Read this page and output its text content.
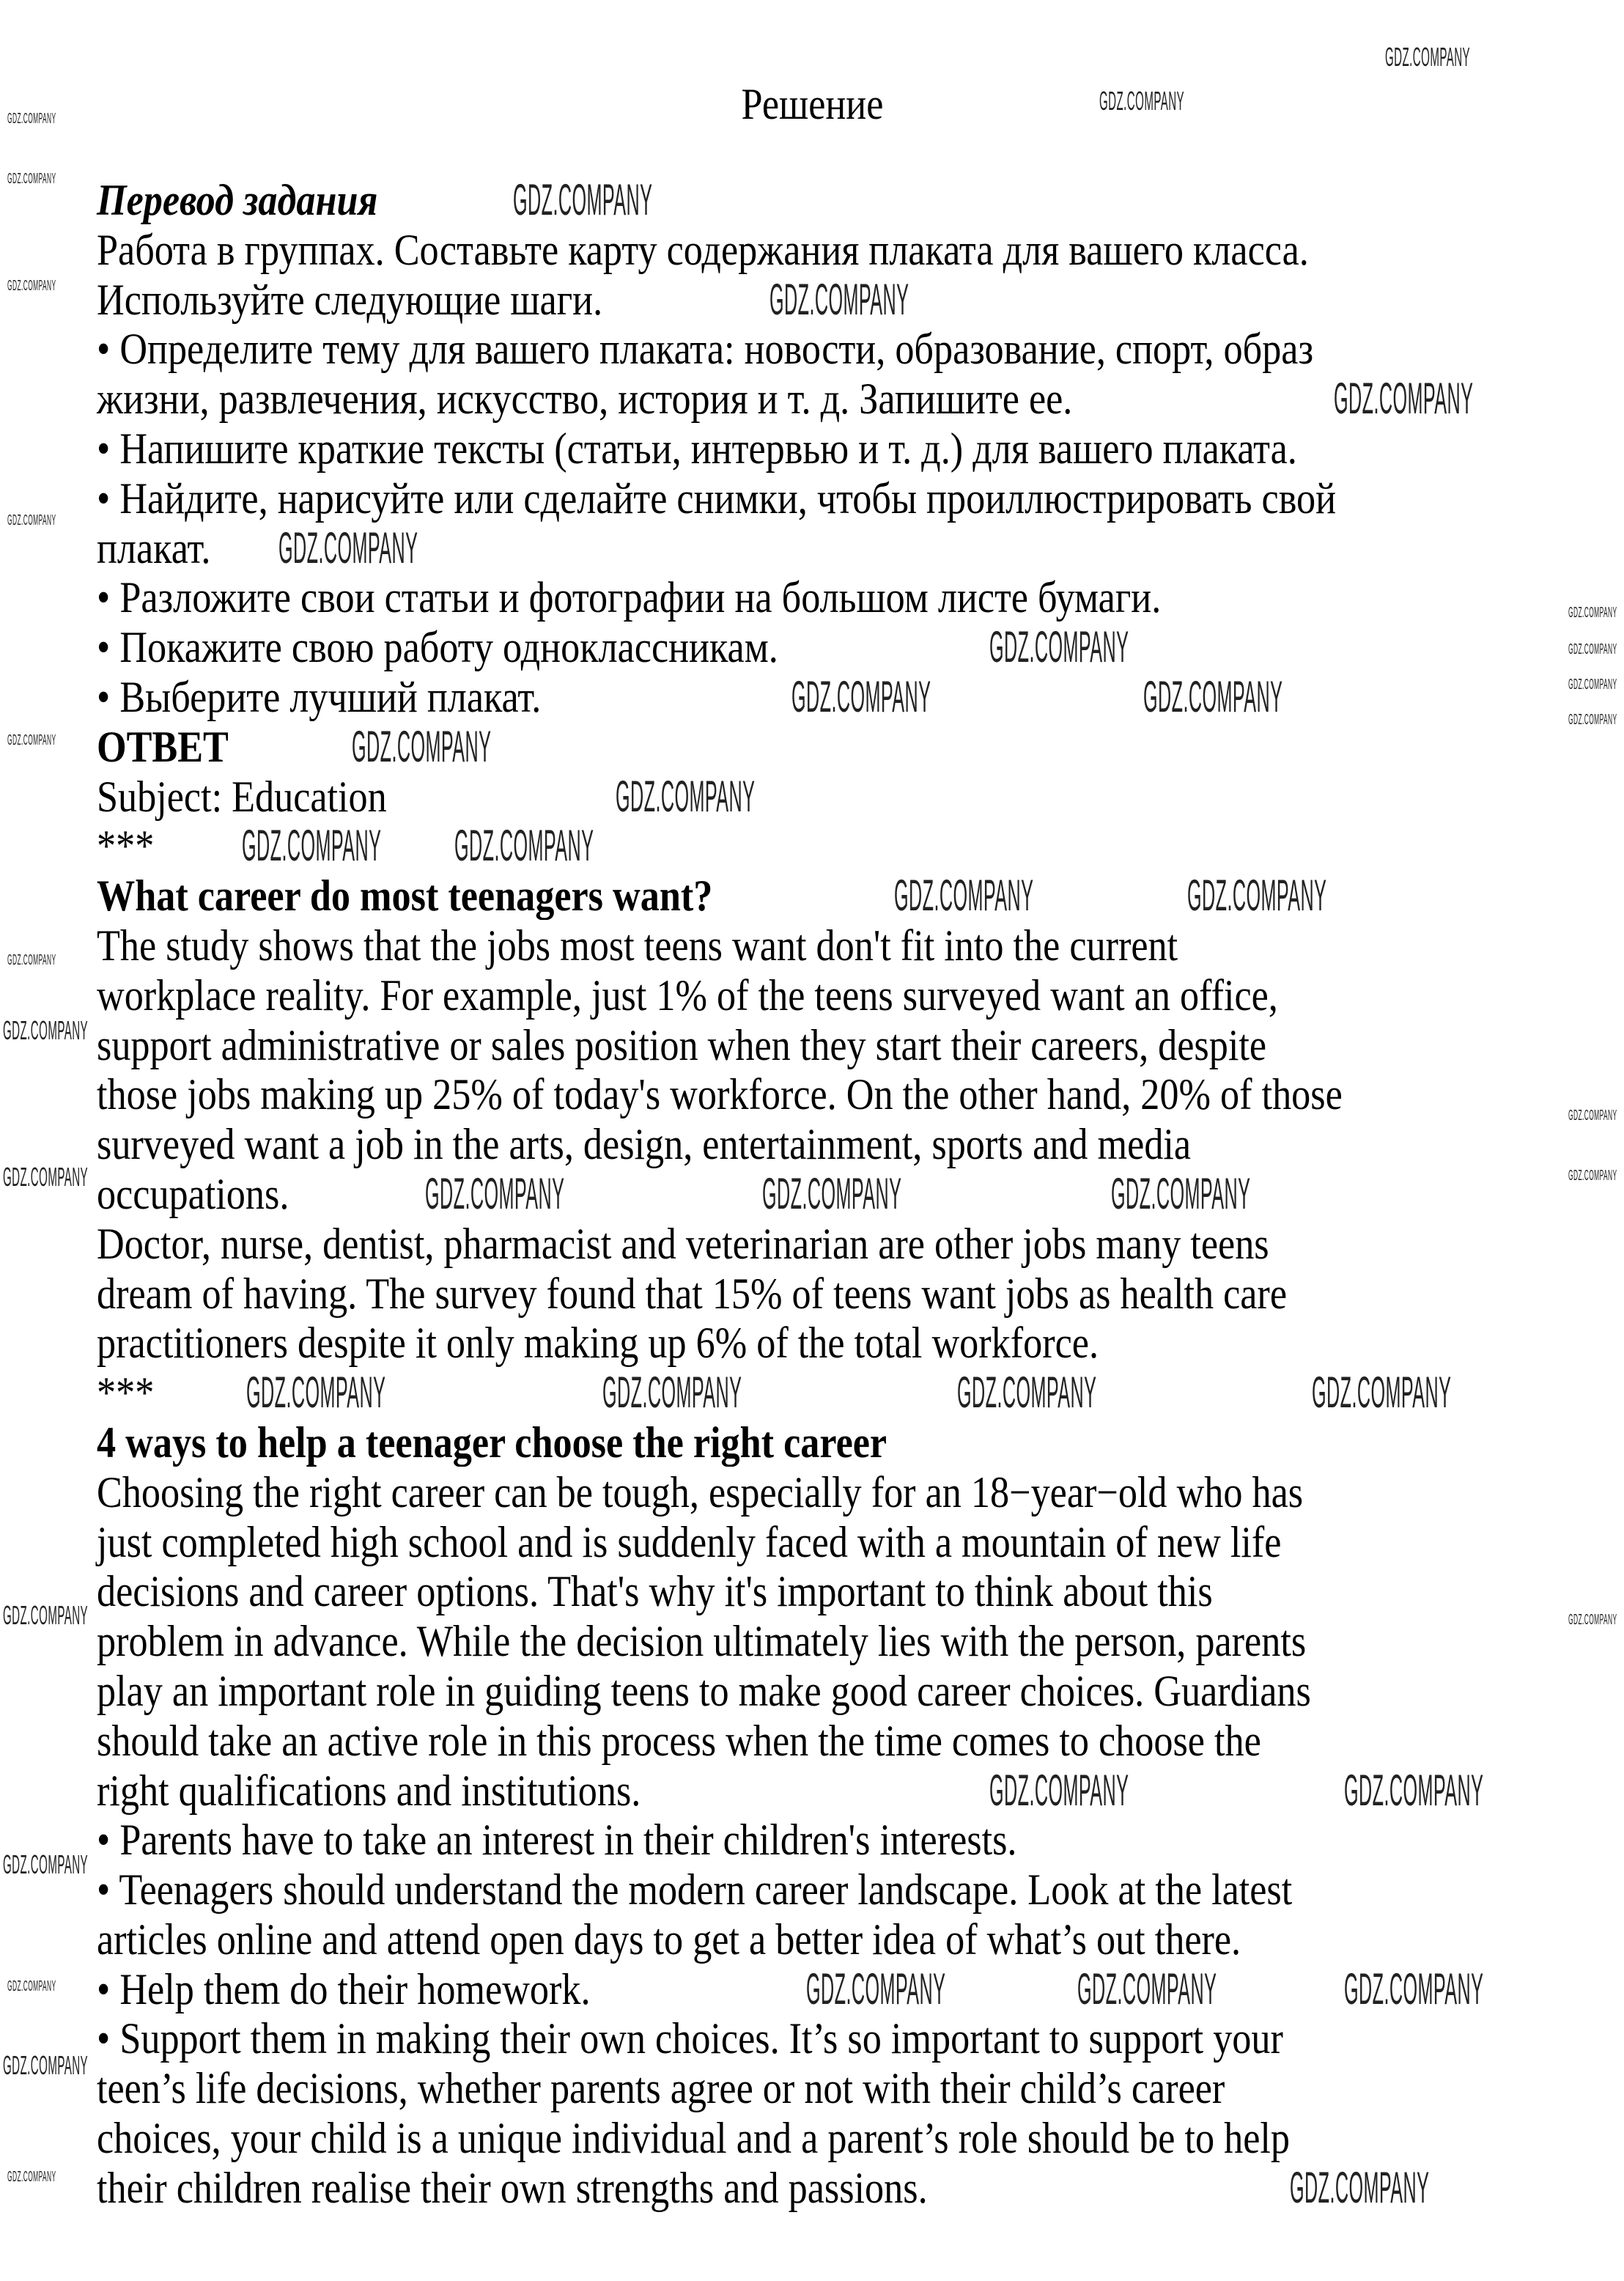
Решение
Перевод задания
Работа в группах. Составьте карту содержания плаката для вашего класса.
Используйте следующие шаги.
• Определите тему для вашего плаката: новости, образование, спорт, образ
жизни, развлечения, искусство, история и т. д. Запишите ее.
• Напишите краткие тексты (статьи, интервью и т. д.) для вашего плаката.
• Найдите, нарисуйте или сделайте снимки, чтобы проиллюстрировать свой
плакат.
• Разложите свои статьи и фотографии на большом листе бумаги.
• Покажите свою работу одноклассникам.
• Выберите лучший плакат.
ОТВЕТ
Subject: Education
***
What career do most teenagers want?
The study shows that the jobs most teens want don't fit into the current
workplace reality. For example, just 1% of the teens surveyed want an office,
support administrative or sales position when they start their careers, despite
those jobs making up 25% of today's workforce. On the other hand, 20% of those
surveyed want a job in the arts, design, entertainment, sports and media
occupations.
Doctor, nurse, dentist, pharmacist and veterinarian are other jobs many teens
dream of having. The survey found that 15% of teens want jobs as health care
practitioners despite it only making up 6% of the total workforce.
***
4 ways to help a teenager choose the right career
Choosing the right career can be tough, especially for an 18−year−old who has
just completed high school and is suddenly faced with a mountain of new life
decisions and career options. That's why it's important to think about this
problem in advance. While the decision ultimately lies with the person, parents
play an important role in guiding teens to make good career choices. Guardians
should take an active role in this process when the time comes to choose the
right qualifications and institutions.
• Parents have to take an interest in their children's interests.
• Teenagers should understand the modern career landscape. Look at the latest
articles online and attend open days to get a better idea of what’s out there.
• Help them do their homework.
• Support them in making their own choices. It’s so important to support your
teen’s life decisions, whether parents agree or not with their child’s career
choices, your child is a unique individual and a parent’s role should be to help
their children realise their own strengths and passions.
GDZ.COMPANY
GDZ.COMPANY
GDZ.COMPANY
GDZ.COMPANY
GDZ.COMPANY
GDZ.COMPANY	GDZ.COMPANY
GDZ.COMPANY
GDZ.COMPANY
GDZ.COMPANY GDZ.COMPANY
GDZ.COMPANY	GDZ.COMPANY
GDZ.COMPANY	GDZ.COMPANY	GDZ.COMPANY
GDZ.COMPANY	GDZ.COMPANY	GDZ.COMPANY	GDZ.COMPANY
GDZ.COMPANY	GDZ.COMPANY
GDZ.COMPANY	GDZ.COMPANY	GDZ.COMPANY
GDZ.COMPANY
GDZ.COMPANY
GDZ.COMPANY
GDZ.COMPANY
GDZ.COMPANY
GDZ.COMPANY
GDZ.COMPANY
GDZ.COMPANY
GDZ.COMPANY
GDZ.COMPANY
GDZ.COMPANY
GDZ.COMPANY
GDZ.COMPANY
GDZ.COMPANY
GDZ.COMPANY
GDZ.COMPANY
GDZ.COMPANY
GDZ.COMPANY
GDZ.COMPANY
GDZ.COMPANY
GDZ.COMPANY
GDZ.COMPANY
GDZ.COMPANY
